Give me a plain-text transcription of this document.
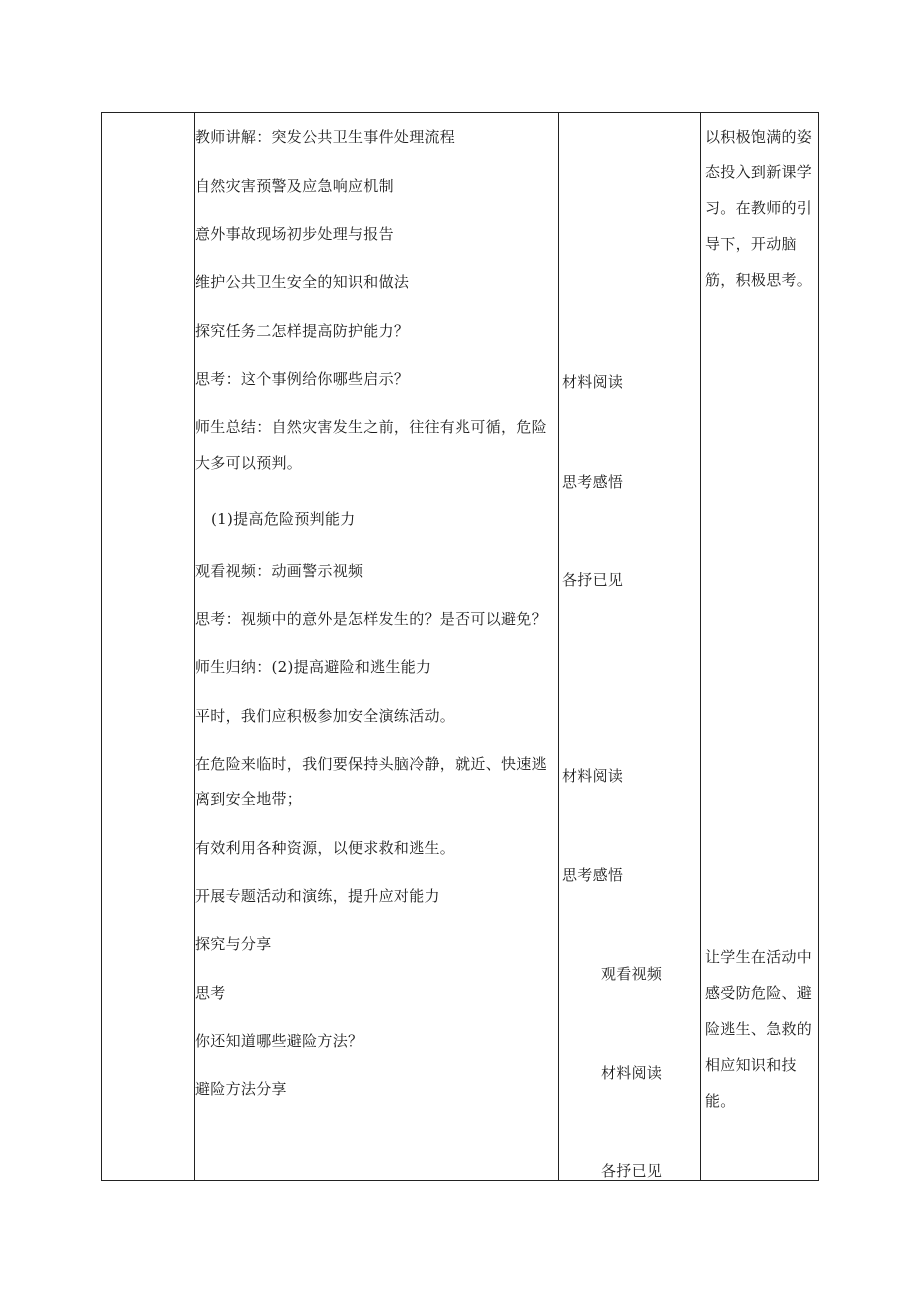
教师讲解：突发公共卫生事件处理流程
自然灾害预警及应急响应机制
意外事故现场初步处理与报告
维护公共卫生安全的知识和做法
探究任务二怎样提高防护能力？
思考：这个事例给你哪些启示？
师生总结：自然灾害发生之前，往往有兆可循，危险
大多可以预判。
(1)提高危险预判能力
观看视频：动画警示视频
思考：视频中的意外是怎样发生的？是否可以避免？
师生归纳：(2)提高避险和逃生能力
平时，我们应积极参加安全演练活动。
在危险来临时，我们要保持头脑冷静，就近、快速逃
离到安全地带；
有效利用各种资源，以便求救和逃生。
开展专题活动和演练，提升应对能力
探究与分享
思考
你还知道哪些避险方法？
避险方法分享
材料阅读
思考感悟
各抒已见
材料阅读
思考感悟
观看视频
材料阅读
各抒已见
以积极饱满的姿
态投入到新课学
习。在教师的引
导下，开动脑
筋，积极思考。
让学生在活动中
感受防危险、避
险逃生、急救的
相应知识和技
能。
